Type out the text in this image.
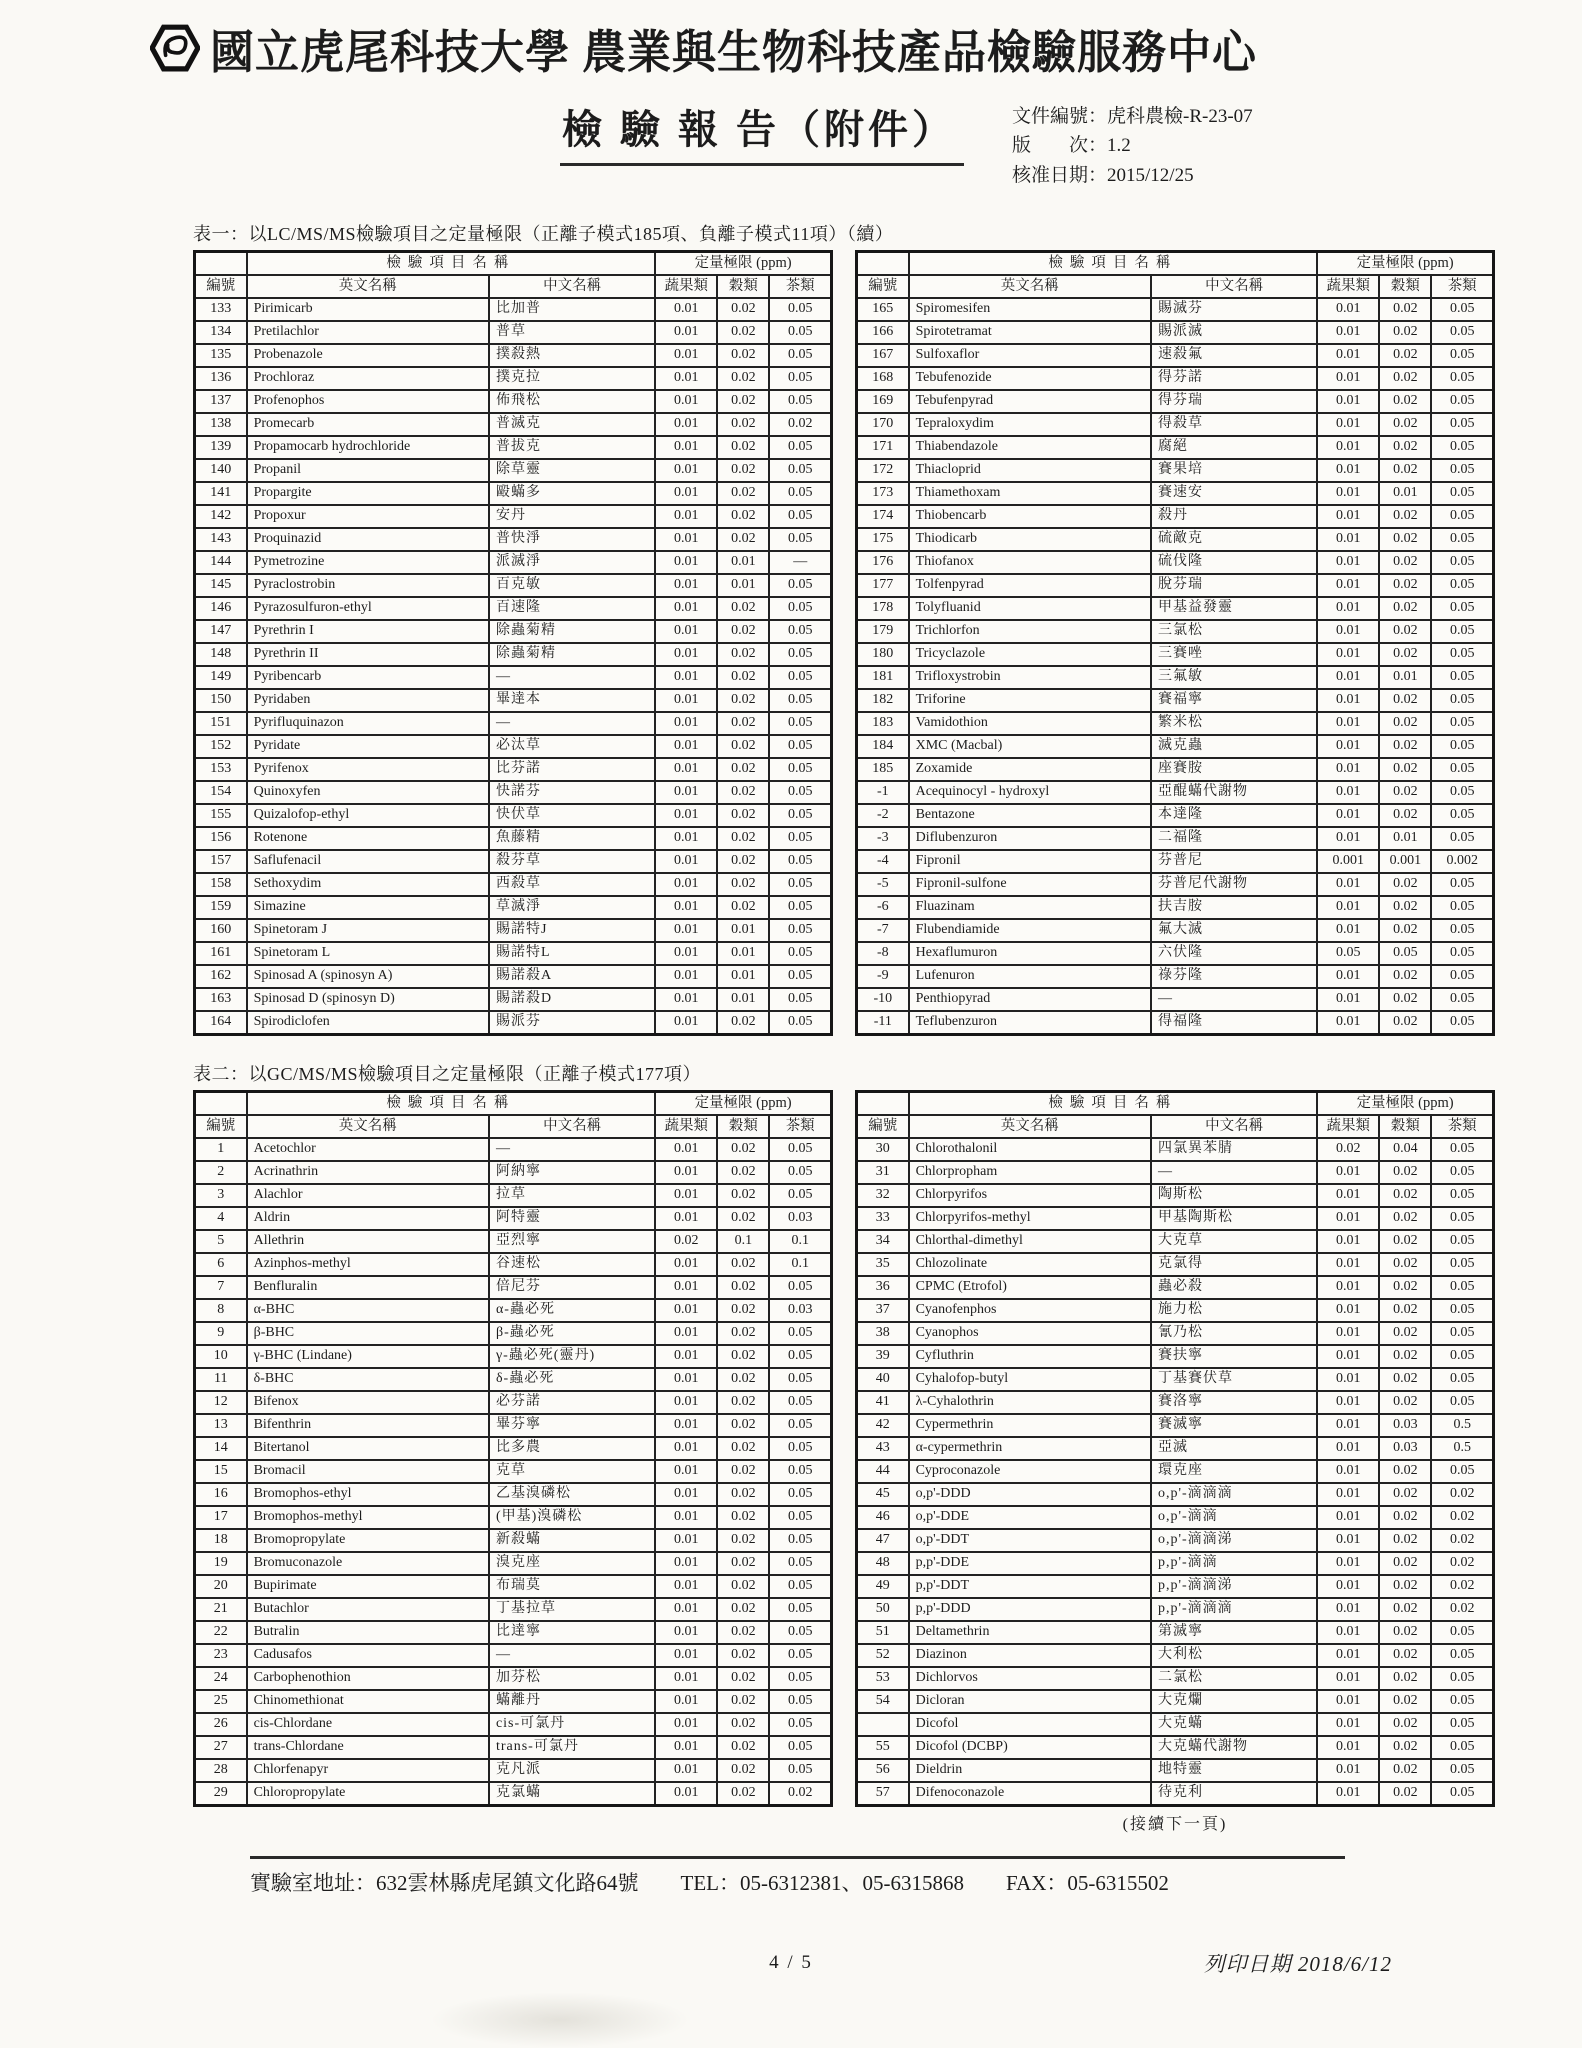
國立虎尾科技大學 農業與生物科技產品檢驗服務中心
檢 驗 報 告（附件）	文件編號：虎科農檢-R-23-07
版　　次：1.2
核准日期：2015/12/25
表一：以LC/MS/MS檢驗項目之定量極限（正離子模式185項、負離子模式11項）（續）
	檢驗項目名稱		定量極限 (ppm)		
編號	英文名稱	中文名稱	蔬果類	穀類	茶類
133	Pirimicarb	比加普	0.01	0.02	0.05
134	Pretilachlor	普草	0.01	0.02	0.05
135	Probenazole	撲殺熱	0.01	0.02	0.05
136	Prochloraz	撲克拉	0.01	0.02	0.05
137	Profenophos	佈飛松	0.01	0.02	0.05
138	Promecarb	普滅克	0.01	0.02	0.02
139	Propamocarb hydrochloride	普拔克	0.01	0.02	0.05
140	Propanil	除草靈	0.01	0.02	0.05
141	Propargite	毆蟎多	0.01	0.02	0.05
142	Propoxur	安丹	0.01	0.02	0.05
143	Proquinazid	普快淨	0.01	0.02	0.05
144	Pymetrozine	派滅淨	0.01	0.01	—
145	Pyraclostrobin	百克敏	0.01	0.01	0.05
146	Pyrazosulfuron-ethyl	百速隆	0.01	0.02	0.05
147	Pyrethrin I	除蟲菊精	0.01	0.02	0.05
148	Pyrethrin II	除蟲菊精	0.01	0.02	0.05
149	Pyribencarb	—	0.01	0.02	0.05
150	Pyridaben	畢達本	0.01	0.02	0.05
151	Pyrifluquinazon	—	0.01	0.02	0.05
152	Pyridate	必汰草	0.01	0.02	0.05
153	Pyrifenox	比芬諾	0.01	0.02	0.05
154	Quinoxyfen	快諾芬	0.01	0.02	0.05
155	Quizalofop-ethyl	快伏草	0.01	0.02	0.05
156	Rotenone	魚藤精	0.01	0.02	0.05
157	Saflufenacil	殺芬草	0.01	0.02	0.05
158	Sethoxydim	西殺草	0.01	0.02	0.05
159	Simazine	草滅淨	0.01	0.02	0.05
160	Spinetoram J	賜諾特J	0.01	0.01	0.05
161	Spinetoram L	賜諾特L	0.01	0.01	0.05
162	Spinosad A (spinosyn A)	賜諾殺A	0.01	0.01	0.05
163	Spinosad D (spinosyn D)	賜諾殺D	0.01	0.01	0.05
164	Spirodiclofen	賜派芬	0.01	0.02	0.05
	檢驗項目名稱		定量極限 (ppm)		
編號	英文名稱	中文名稱	蔬果類	穀類	茶類
165	Spiromesifen	賜滅芬	0.01	0.02	0.05
166	Spirotetramat	賜派滅	0.01	0.02	0.05
167	Sulfoxaflor	速殺氟	0.01	0.02	0.05
168	Tebufenozide	得芬諾	0.01	0.02	0.05
169	Tebufenpyrad	得芬瑞	0.01	0.02	0.05
170	Tepraloxydim	得殺草	0.01	0.02	0.05
171	Thiabendazole	腐絕	0.01	0.02	0.05
172	Thiacloprid	賽果培	0.01	0.02	0.05
173	Thiamethoxam	賽速安	0.01	0.01	0.05
174	Thiobencarb	殺丹	0.01	0.02	0.05
175	Thiodicarb	硫敵克	0.01	0.02	0.05
176	Thiofanox	硫伐隆	0.01	0.02	0.05
177	Tolfenpyrad	脫芬瑞	0.01	0.02	0.05
178	Tolyfluanid	甲基益發靈	0.01	0.02	0.05
179	Trichlorfon	三氯松	0.01	0.02	0.05
180	Tricyclazole	三賽唑	0.01	0.02	0.05
181	Trifloxystrobin	三氟敏	0.01	0.01	0.05
182	Triforine	賽福寧	0.01	0.02	0.05
183	Vamidothion	繁米松	0.01	0.02	0.05
184	XMC (Macbal)	滅克蟲	0.01	0.02	0.05
185	Zoxamide	座賽胺	0.01	0.02	0.05
-1	Acequinocyl - hydroxyl	亞醌蟎代謝物	0.01	0.02	0.05
-2	Bentazone	本達隆	0.01	0.02	0.05
-3	Diflubenzuron	二福隆	0.01	0.01	0.05
-4	Fipronil	芬普尼	0.001	0.001	0.002
-5	Fipronil-sulfone	芬普尼代謝物	0.01	0.02	0.05
-6	Fluazinam	扶吉胺	0.01	0.02	0.05
-7	Flubendiamide	氟大滅	0.01	0.02	0.05
-8	Hexaflumuron	六伏隆	0.05	0.05	0.05
-9	Lufenuron	祿芬隆	0.01	0.02	0.05
-10	Penthiopyrad	—	0.01	0.02	0.05
-11	Teflubenzuron	得福隆	0.01	0.02	0.05
表二：以GC/MS/MS檢驗項目之定量極限（正離子模式177項）
	檢驗項目名稱		定量極限 (ppm)		
編號	英文名稱	中文名稱	蔬果類	穀類	茶類
1	Acetochlor	—	0.01	0.02	0.05
2	Acrinathrin	阿納寧	0.01	0.02	0.05
3	Alachlor	拉草	0.01	0.02	0.05
4	Aldrin	阿特靈	0.01	0.02	0.03
5	Allethrin	亞烈寧	0.02	0.1	0.1
6	Azinphos-methyl	谷速松	0.01	0.02	0.1
7	Benfluralin	倍尼芬	0.01	0.02	0.05
8	α-BHC	α-蟲必死	0.01	0.02	0.03
9	β-BHC	β-蟲必死	0.01	0.02	0.05
10	γ-BHC (Lindane)	γ-蟲必死(靈丹)	0.01	0.02	0.05
11	δ-BHC	δ-蟲必死	0.01	0.02	0.05
12	Bifenox	必芬諾	0.01	0.02	0.05
13	Bifenthrin	畢芬寧	0.01	0.02	0.05
14	Bitertanol	比多農	0.01	0.02	0.05
15	Bromacil	克草	0.01	0.02	0.05
16	Bromophos-ethyl	乙基溴磷松	0.01	0.02	0.05
17	Bromophos-methyl	(甲基)溴磷松	0.01	0.02	0.05
18	Bromopropylate	新殺蟎	0.01	0.02	0.05
19	Bromuconazole	溴克座	0.01	0.02	0.05
20	Bupirimate	布瑞莫	0.01	0.02	0.05
21	Butachlor	丁基拉草	0.01	0.02	0.05
22	Butralin	比達寧	0.01	0.02	0.05
23	Cadusafos	—	0.01	0.02	0.05
24	Carbophenothion	加芬松	0.01	0.02	0.05
25	Chinomethionat	蟎離丹	0.01	0.02	0.05
26	cis-Chlordane	cis-可氯丹	0.01	0.02	0.05
27	trans-Chlordane	trans-可氯丹	0.01	0.02	0.05
28	Chlorfenapyr	克凡派	0.01	0.02	0.05
29	Chloropropylate	克氯蟎	0.01	0.02	0.02
	檢驗項目名稱		定量極限 (ppm)		
編號	英文名稱	中文名稱	蔬果類	穀類	茶類
30	Chlorothalonil	四氯異苯腈	0.02	0.04	0.05
31	Chlorpropham	—	0.01	0.02	0.05
32	Chlorpyrifos	陶斯松	0.01	0.02	0.05
33	Chlorpyrifos-methyl	甲基陶斯松	0.01	0.02	0.05
34	Chlorthal-dimethyl	大克草	0.01	0.02	0.05
35	Chlozolinate	克氯得	0.01	0.02	0.05
36	CPMC (Etrofol)	蟲必殺	0.01	0.02	0.05
37	Cyanofenphos	施力松	0.01	0.02	0.05
38	Cyanophos	氰乃松	0.01	0.02	0.05
39	Cyfluthrin	賽扶寧	0.01	0.02	0.05
40	Cyhalofop-butyl	丁基賽伏草	0.01	0.02	0.05
41	λ-Cyhalothrin	賽洛寧	0.01	0.02	0.05
42	Cypermethrin	賽滅寧	0.01	0.03	0.5
43	α-cypermethrin	亞滅	0.01	0.03	0.5
44	Cyproconazole	環克座	0.01	0.02	0.05
45	o,p'-DDD	o,p'-滴滴滴	0.01	0.02	0.02
46	o,p'-DDE	o,p'-滴滴	0.01	0.02	0.02
47	o,p'-DDT	o,p'-滴滴涕	0.01	0.02	0.02
48	p,p'-DDE	p,p'-滴滴	0.01	0.02	0.02
49	p,p'-DDT	p,p'-滴滴涕	0.01	0.02	0.02
50	p,p'-DDD	p,p'-滴滴滴	0.01	0.02	0.02
51	Deltamethrin	第滅寧	0.01	0.02	0.05
52	Diazinon	大利松	0.01	0.02	0.05
53	Dichlorvos	二氯松	0.01	0.02	0.05
54	Dicloran	大克爛	0.01	0.02	0.05
	Dicofol	大克蟎	0.01	0.02	0.05
55	Dicofol (DCBP)	大克蟎代謝物	0.01	0.02	0.05
56	Dieldrin	地特靈	0.01	0.02	0.05
57	Difenoconazole	待克利	0.01	0.02	0.05
(接續下一頁)
實驗室地址：632雲林縣虎尾鎮文化路64號 TEL：05-6312381、05-6315868 FAX：05-6315502
4 / 5	列印日期 2018/6/12
